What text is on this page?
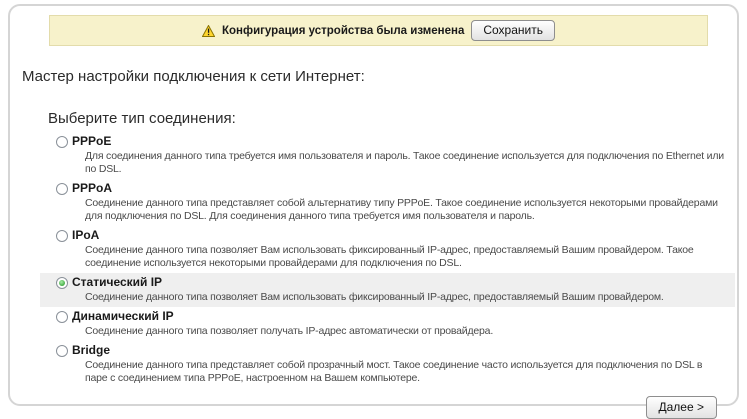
Конфигурация устройства была изменена	Сохранить
Мастер настройки подключения к сети Интернет:
Выберите тип соединения:
PPPoE
Для соединения данного типа требуется имя пользователя и пароль. Такое соединение используется для подключения по Ethernet или по DSL.
PPPoA
Соединение данного типа представляет собой альтернативу типу PPPoE. Такое соединение используется некоторыми провайдерами для подключения по DSL. Для соединения данного типа требуется имя пользователя и пароль.
IPoA
Соединение данного типа позволяет Вам использовать фиксированный IP-адрес, предоставляемый Вашим провайдером. Такое соединение используется некоторыми провайдерами для подключения по DSL.
Статический IP
Соединение данного типа позволяет Вам использовать фиксированный IP-адрес, предоставляемый Вашим провайдером.
Динамический IP
Соединение данного типа позволяет получать IP-адрес автоматически от провайдера.
Bridge
Соединение данного типа представляет собой прозрачный мост. Такое соединение часто используется для подключения по DSL в паре с соединением типа PPPoE, настроенном на Вашем компьютере.
Далее >
